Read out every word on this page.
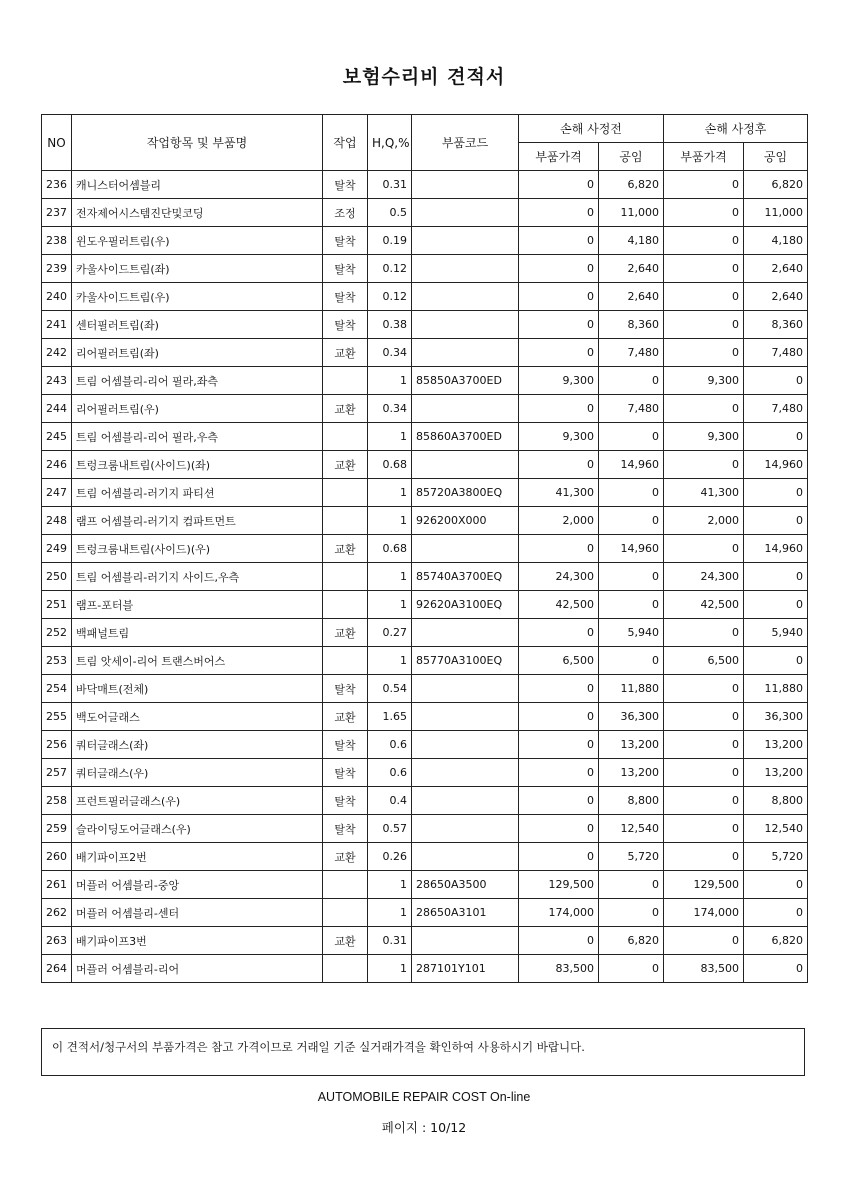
보험수리비 견적서
NO	작업항목 및 부품명	작업	H,Q,%	부품코드	손해 사정전		손해 사정후	
					부품가격	공임	부품가격	공임
236	캐니스터어셈블리	탈착	0.31		0	6,820	0	6,820
237	전자제어시스템진단및코딩	조정	0.5		0	11,000	0	11,000
238	윈도우필러트림(우)	탈착	0.19		0	4,180	0	4,180
239	카울사이드트림(좌)	탈착	0.12		0	2,640	0	2,640
240	카울사이드트림(우)	탈착	0.12		0	2,640	0	2,640
241	센터필러트림(좌)	탈착	0.38		0	8,360	0	8,360
242	리어필러트림(좌)	교환	0.34		0	7,480	0	7,480
243	트림 어셈블리-리어 필라,좌측		1	85850A3700ED	9,300	0	9,300	0
244	리어필러트림(우)	교환	0.34		0	7,480	0	7,480
245	트림 어셈블리-리어 필라,우측		1	85860A3700ED	9,300	0	9,300	0
246	트렁크룸내트림(사이드)(좌)	교환	0.68		0	14,960	0	14,960
247	트림 어셈블리-러기지 파티션		1	85720A3800EQ	41,300	0	41,300	0
248	램프 어셈블리-러기지 컴파트먼트		1	926200X000	2,000	0	2,000	0
249	트렁크룸내트림(사이드)(우)	교환	0.68		0	14,960	0	14,960
250	트림 어셈블리-러기지 사이드,우측		1	85740A3700EQ	24,300	0	24,300	0
251	램프-포터블		1	92620A3100EQ	42,500	0	42,500	0
252	백패널트림	교환	0.27		0	5,940	0	5,940
253	트림 앗세이-리어 트랜스버어스		1	85770A3100EQ	6,500	0	6,500	0
254	바닥매트(전체)	탈착	0.54		0	11,880	0	11,880
255	백도어글래스	교환	1.65		0	36,300	0	36,300
256	쿼터글래스(좌)	탈착	0.6		0	13,200	0	13,200
257	쿼터글래스(우)	탈착	0.6		0	13,200	0	13,200
258	프런트필러글래스(우)	탈착	0.4		0	8,800	0	8,800
259	슬라이딩도어글래스(우)	탈착	0.57		0	12,540	0	12,540
260	배기파이프2번	교환	0.26		0	5,720	0	5,720
261	머플러 어셈블리-중앙		1	28650A3500	129,500	0	129,500	0
262	머플러 어셈블리-센터		1	28650A3101	174,000	0	174,000	0
263	배기파이프3번	교환	0.31		0	6,820	0	6,820
264	머플러 어셈블리-리어		1	287101Y101	83,500	0	83,500	0
이 견적서/청구서의 부품가격은 참고 가격이므로 거래일 기준 실거래가격을 확인하여 사용하시기 바랍니다.
AUTOMOBILE REPAIR COST On-line
페이지 : 10/12
